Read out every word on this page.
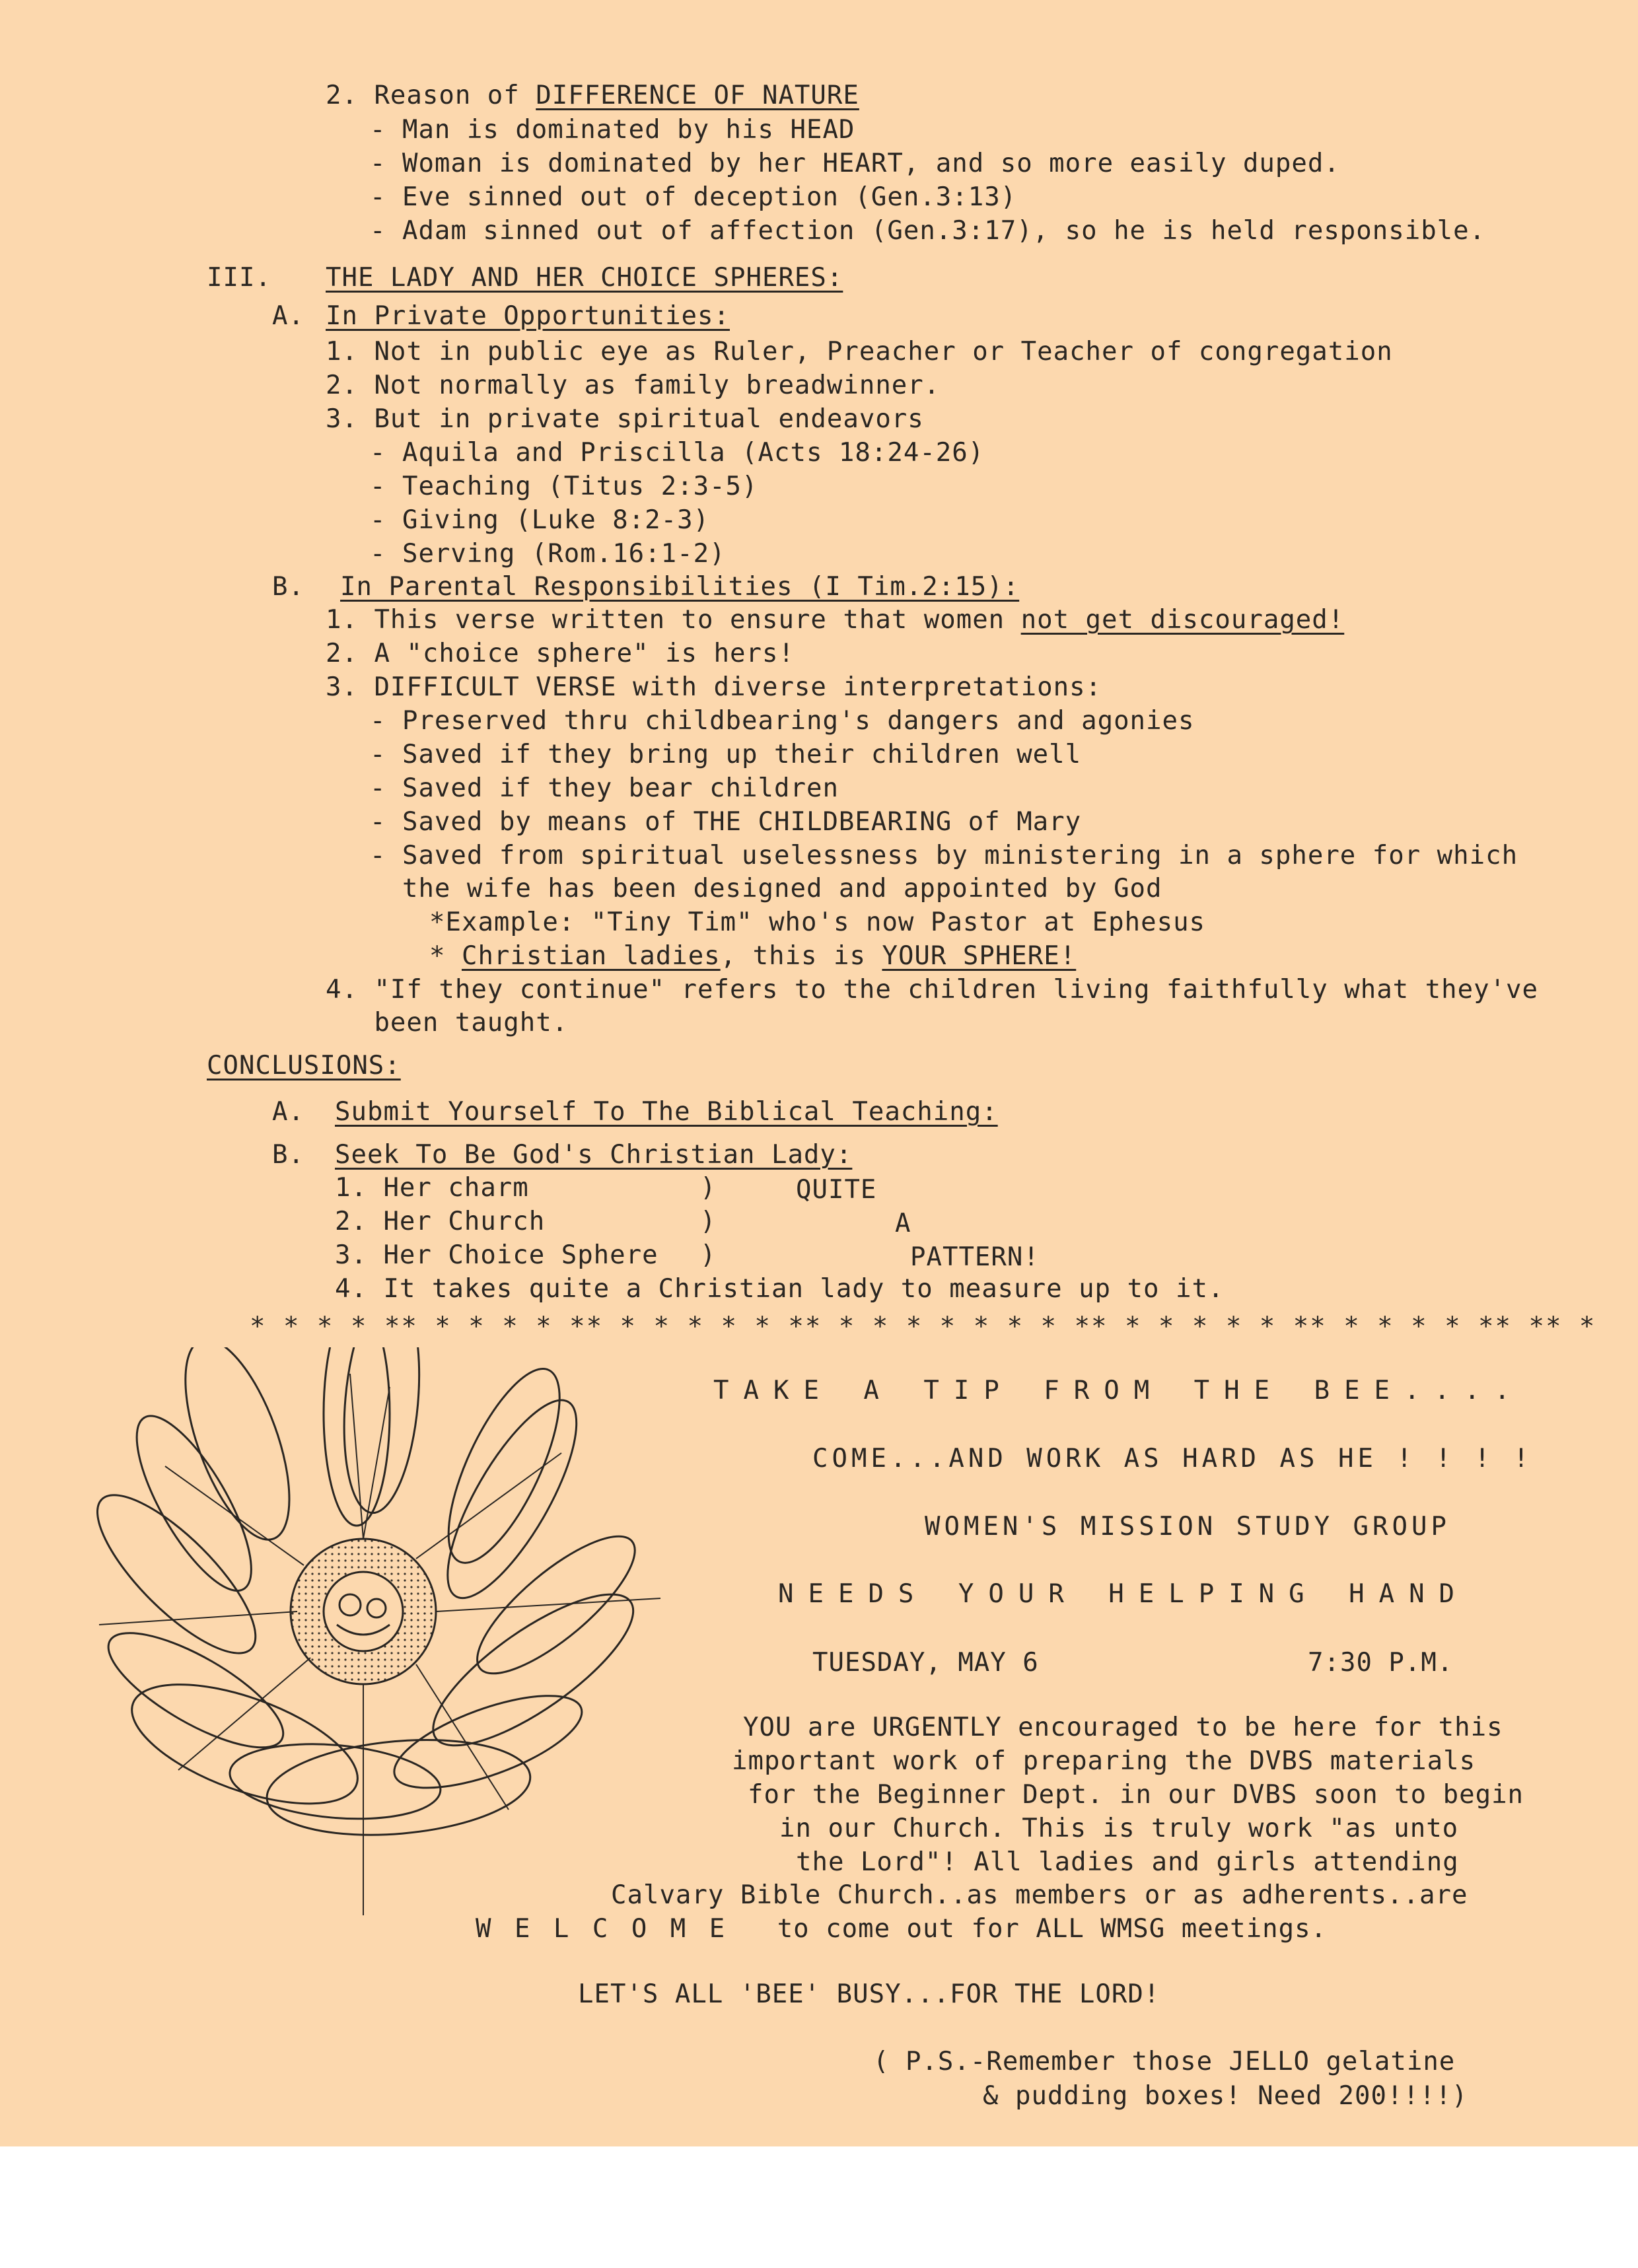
2. Reason of DIFFERENCE OF NATURE
- Man is dominated by his HEAD
- Woman is dominated by her HEART, and so more easily duped.
- Eve sinned out of deception (Gen.3:13)
- Adam sinned out of affection (Gen.3:17), so he is held responsible.
III. THE LADY AND HER CHOICE SPHERES:
A. In Private Opportunities:
1. Not in public eye as Ruler, Preacher or Teacher of congregation
2. Not normally as family breadwinner.
3. But in private spiritual endeavors
- Aquila and Priscilla (Acts 18:24-26)
- Teaching (Titus 2:3-5)
- Giving (Luke 8:2-3)
- Serving (Rom.16:1-2)
B. In Parental Responsibilities (I Tim.2:15):
1. This verse written to ensure that women not get discouraged!
2. A "choice sphere" is hers!
3. DIFFICULT VERSE with diverse interpretations:
- Preserved thru childbearing's dangers and agonies
- Saved if they bring up their children well
- Saved if they bear children
- Saved by means of THE CHILDBEARING of Mary
- Saved from spiritual uselessness by ministering in a sphere for which
the wife has been designed and appointed by God
*Example: "Tiny Tim" who's now Pastor at Ephesus
* Christian ladies, this is YOUR SPHERE!
4. "If they continue" refers to the children living faithfully what they've
been taught.
CONCLUSIONS:
A. Submit Yourself To The Biblical Teaching:
B. Seek To Be God's Christian Lady:
1. Her charm
2. Her Church
3. Her Choice Sphere
4. It takes quite a Christian lady to measure up to it.
)
)
)
QUITE
A
PATTERN!
* * * * ** * * * * ** * * * * * ** * * * * * * * ** * * * * * ** * * * * ** ** *
TAKE A TIP FROM THE BEE....
COME...AND WORK AS HARD AS HE ! ! ! !
WOMEN'S MISSION STUDY GROUP
NEEDS YOUR HELPING HAND
TUESDAY, MAY 6	7:30 P.M.
YOU are URGENTLY encouraged to be here for this
important work of preparing the DVBS materials
for the Beginner Dept. in our DVBS soon to begin
in our Church. This is truly work "as unto
the Lord"! All ladies and girls attending
Calvary Bible Church..as members or as adherents..are
W E L C O M E to come out for ALL WMSG meetings.
LET'S ALL 'BEE' BUSY...FOR THE LORD!
( P.S.-Remember those JELLO gelatine
& pudding boxes! Need 200!!!!)
